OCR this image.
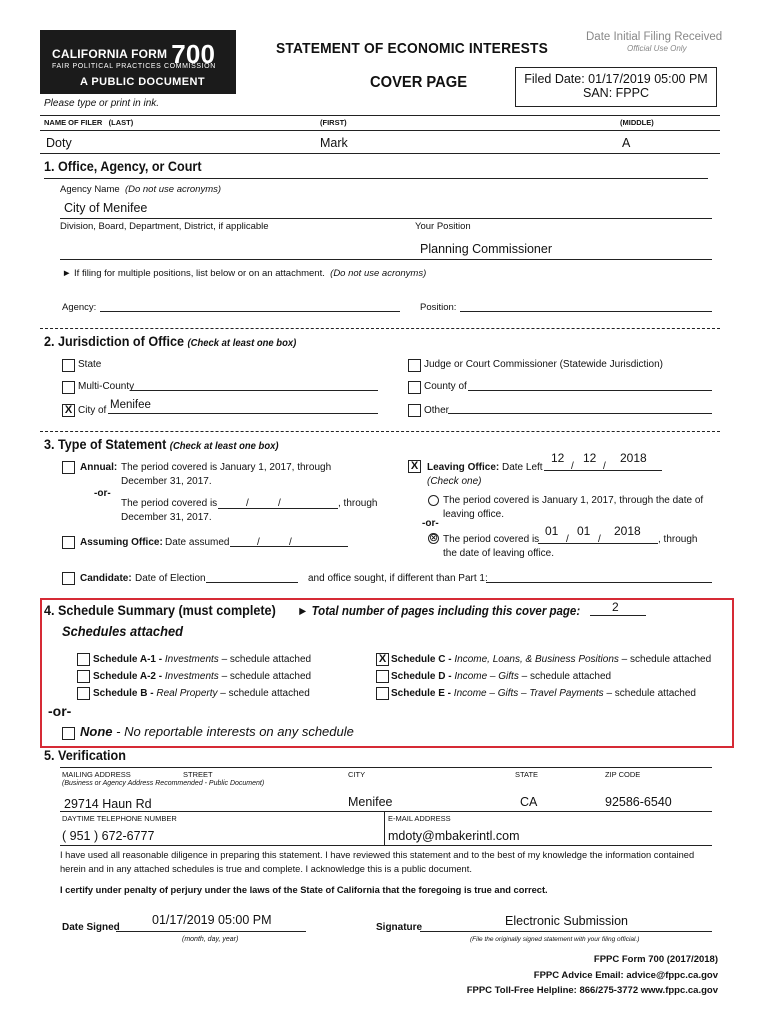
CALIFORNIA FORM 700
FAIR POLITICAL PRACTICES COMMISSION
A PUBLIC DOCUMENT
STATEMENT OF ECONOMIC INTERESTS
COVER PAGE
Date Initial Filing Received
Official Use Only
Filed Date: 01/17/2019 05:00 PM
SAN: FPPC
Please type or print in ink.
NAME OF FILER (LAST)	(FIRST)	(MIDDLE)
Doty	Mark	A
1. Office, Agency, or Court
Agency Name (Do not use acronyms)
City of Menifee
Division, Board, Department, District, if applicable	Your Position
Planning Commissioner
► If filing for multiple positions, list below or on an attachment. (Do not use acronyms)
Agency:	Position:
2. Jurisdiction of Office (Check at least one box)
State	Judge or Court Commissioner (Statewide Jurisdiction)
Multi-County	County of
X City of Menifee	Other
3. Type of Statement (Check at least one box)
Annual: The period covered is January 1, 2017, through
December 31, 2017.
-or-
The period covered is	/	/	, through
December 31, 2017.
Assuming Office: Date assumed	/	/
X Leaving Office: Date Left
12
/
12
/
2018
(Check one)
The period covered is January 1, 2017, through the date of
leaving office.
-or-
⊗ The period covered is
01
/
01
/
2018
, through
the date of leaving office.
Candidate: Date of Election	and office sought, if different than Part 1:
4. Schedule Summary (must complete) ► Total number of pages including this cover page:	2
Schedules attached
Schedule A-1 - Investments – schedule attached
Schedule A-2 - Investments – schedule attached
Schedule B - Real Property – schedule attached
X Schedule C - Income, Loans, & Business Positions – schedule attached
Schedule D - Income – Gifts – schedule attached
Schedule E - Income – Gifts – Travel Payments – schedule attached
-or-
None - No reportable interests on any schedule
5. Verification
MAILING ADDRESS	STREET	CITY	STATE	ZIP CODE
(Business or Agency Address Recommended - Public Document)
29714 Haun Rd	Menifee	CA	92586-6540
DAYTIME TELEPHONE NUMBER	E-MAIL ADDRESS
( 951 ) 672-6777	mdoty@mbakerintl.com
I have used all reasonable diligence in preparing this statement. I have reviewed this statement and to the best of my knowledge the information contained
herein and in any attached schedules is true and complete. I acknowledge this is a public document.
I certify under penalty of perjury under the laws of the State of California that the foregoing is true and correct.
Date Signed
01/17/2019 05:00 PM
(month, day, year)
Signature	Electronic Submission
(File the originally signed statement with your filing official.)
FPPC Form 700 (2017/2018)
FPPC Advice Email: advice@fppc.ca.gov
FPPC Toll-Free Helpline: 866/275-3772 www.fppc.ca.gov
